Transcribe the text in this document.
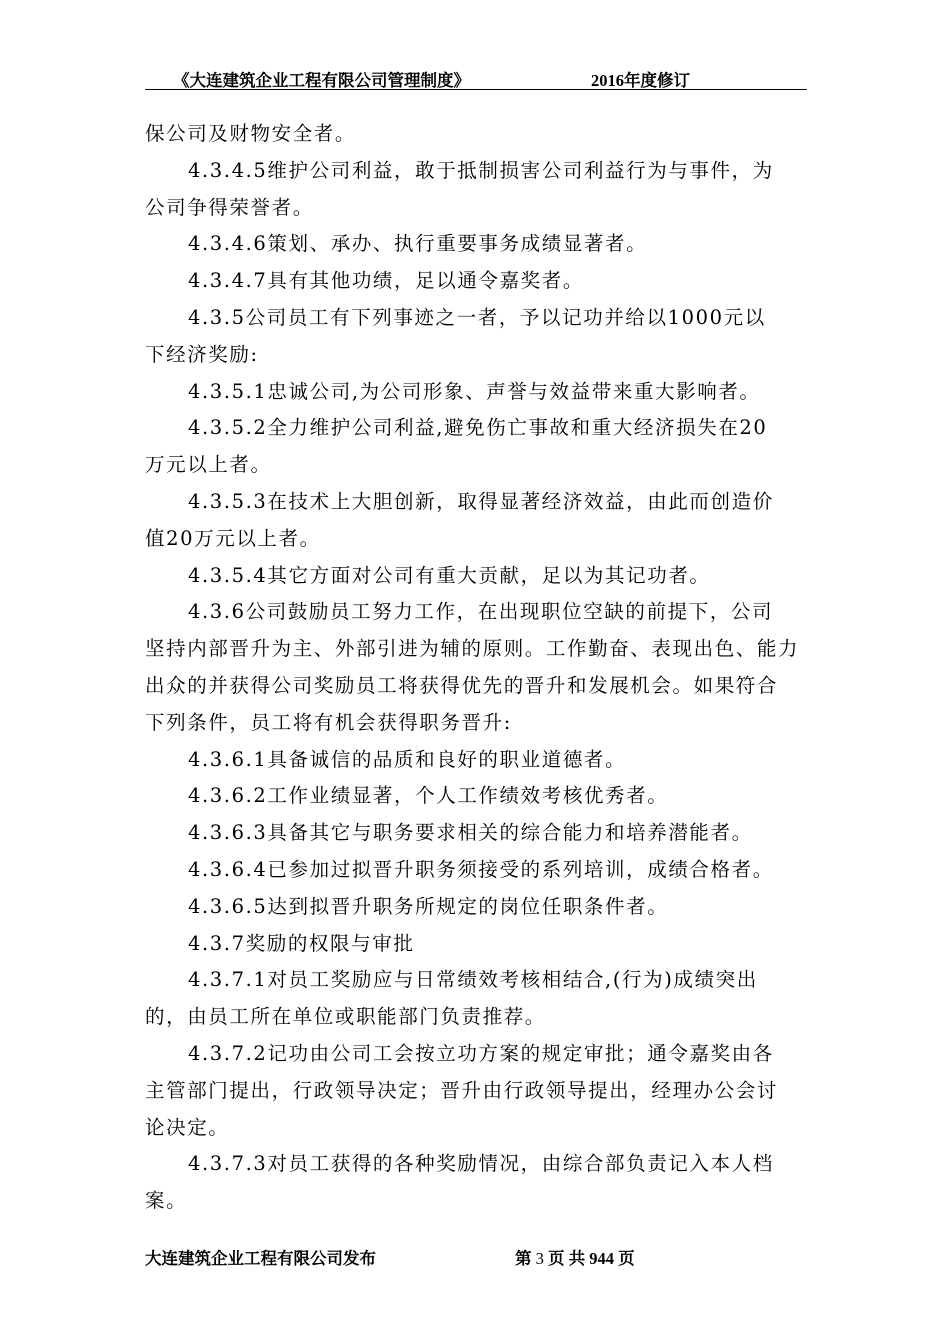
《大连建筑企业工程有限公司管理制度》	2016年度修订

保公司及财物安全者。

4.3.4.5维护公司利益，敢于抵制损害公司利益行为与事件，为

公司争得荣誉者。

4.3.4.6策划、承办、执行重要事务成绩显著者。

4.3.4.7具有其他功绩，足以通令嘉奖者。

4.3.5公司员工有下列事迹之一者，予以记功并给以1000元以

下经济奖励:

4.3.5.1忠诚公司,为公司形象、声誉与效益带来重大影响者。

4.3.5.2全力维护公司利益,避免伤亡事故和重大经济损失在20

万元以上者。

4.3.5.3在技术上大胆创新，取得显著经济效益，由此而创造价

值20万元以上者。

4.3.5.4其它方面对公司有重大贡献，足以为其记功者。

4.3.6公司鼓励员工努力工作，在出现职位空缺的前提下，公司

坚持内部晋升为主、外部引进为辅的原则。工作勤奋、表现出色、能力

出众的并获得公司奖励员工将获得优先的晋升和发展机会。如果符合

下列条件，员工将有机会获得职务晋升:

4.3.6.1具备诚信的品质和良好的职业道德者。

4.3.6.2工作业绩显著，个人工作绩效考核优秀者。

4.3.6.3具备其它与职务要求相关的综合能力和培养潜能者。

4.3.6.4已参加过拟晋升职务须接受的系列培训，成绩合格者。

4.3.6.5达到拟晋升职务所规定的岗位任职条件者。

4.3.7奖励的权限与审批

4.3.7.1对员工奖励应与日常绩效考核相结合,(行为)成绩突出

的，由员工所在单位或职能部门负责推荐。

4.3.7.2记功由公司工会按立功方案的规定审批；通令嘉奖由各

主管部门提出，行政领导决定；晋升由行政领导提出，经理办公会讨

论决定。

4.3.7.3对员工获得的各种奖励情况，由综合部负责记入本人档

案。

大连建筑企业工程有限公司发布	第 3 页 共 944 页
